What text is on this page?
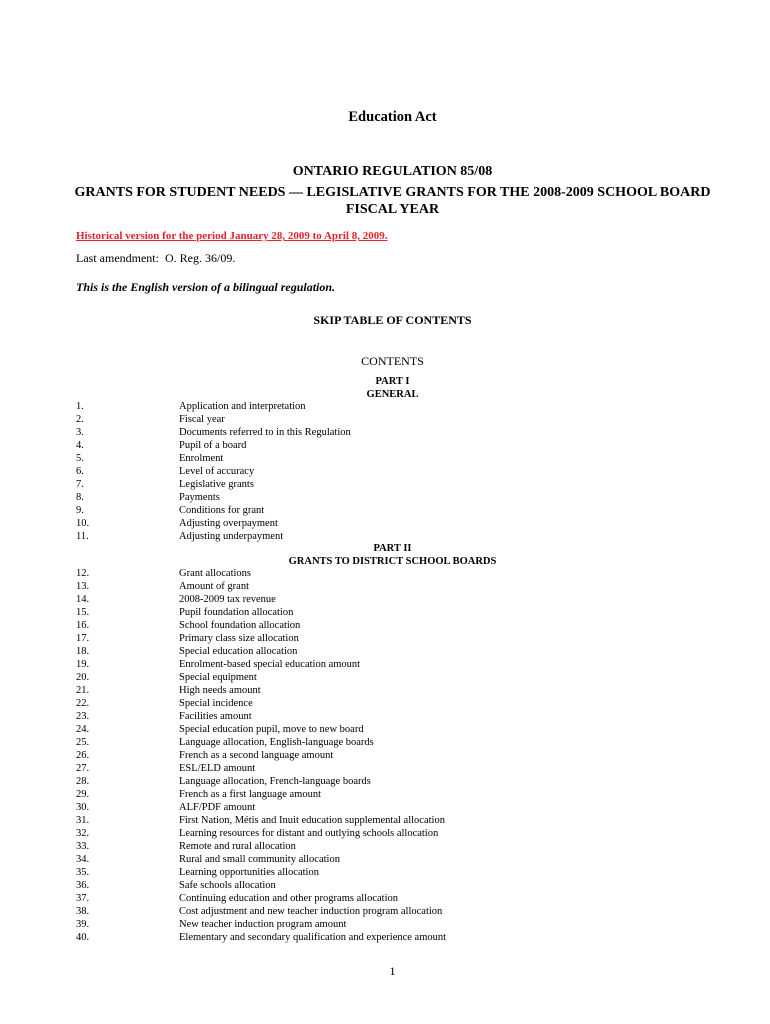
Education Act
ONTARIO REGULATION 85/08
GRANTS FOR STUDENT NEEDS — LEGISLATIVE GRANTS FOR THE 2008-2009 SCHOOL BOARD FISCAL YEAR
Historical version for the period January 28, 2009 to April 8, 2009.
Last amendment: O. Reg. 36/09.
This is the English version of a bilingual regulation.
SKIP TABLE OF CONTENTS
CONTENTS
PART I
GENERAL
1.	Application and interpretation
2.	Fiscal year
3.	Documents referred to in this Regulation
4.	Pupil of a board
5.	Enrolment
6.	Level of accuracy
7.	Legislative grants
8.	Payments
9.	Conditions for grant
10.	Adjusting overpayment
11.	Adjusting underpayment
PART II
GRANTS TO DISTRICT SCHOOL BOARDS
12.	Grant allocations
13.	Amount of grant
14.	2008-2009 tax revenue
15.	Pupil foundation allocation
16.	School foundation allocation
17.	Primary class size allocation
18.	Special education allocation
19.	Enrolment-based special education amount
20.	Special equipment
21.	High needs amount
22.	Special incidence
23.	Facilities amount
24.	Special education pupil, move to new board
25.	Language allocation, English-language boards
26.	French as a second language amount
27.	ESL/ELD amount
28.	Language allocation, French-language boards
29.	French as a first language amount
30.	ALF/PDF amount
31.	First Nation, Métis and Inuit education supplemental allocation
32.	Learning resources for distant and outlying schools allocation
33.	Remote and rural allocation
34.	Rural and small community allocation
35.	Learning opportunities allocation
36.	Safe schools allocation
37.	Continuing education and other programs allocation
38.	Cost adjustment and new teacher induction program allocation
39.	New teacher induction program amount
40.	Elementary and secondary qualification and experience amount
1
